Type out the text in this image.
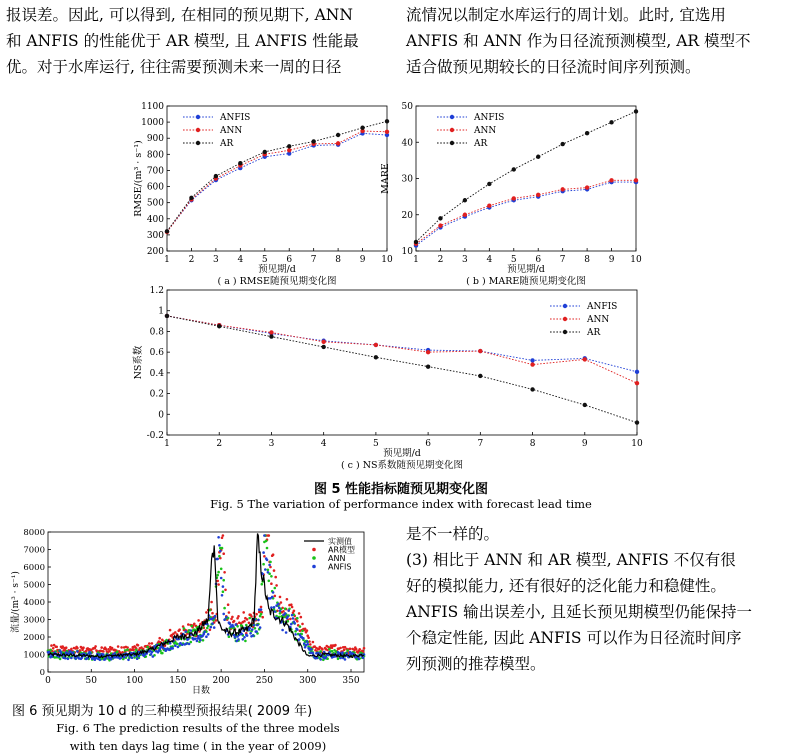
报误差。因此, 可以得到, 在相同的预见期下, ANN
和 ANFIS 的性能优于 AR 模型, 且 ANFIS 性能最
优。对于水库运行, 往往需要预测未来一周的日径
流情况以制定水库运行的周计划。此时, 宜选用
ANFIS 和 ANN 作为日径流预测模型, AR 模型不
适合做预见期较长的日径流时间序列预测。
1 2 3 4 5 6 7 8 9 10
200
300
400
500
600
700
800
900
1000
1100
预见期/d
RMSE/(m³ · s⁻¹)
( a ) RMSE随预见期变化图
ANFIS
ANN
AR
1 2 3 4 5 6 7 8 9 10
10
20
30
40
50
预见期/d
MARE
( b ) MARE随预见期变化图
ANFIS
ANN
AR
1	2	3	4	5	6	7	8	9	10
-0.2
0
0.2
0.4
0.6
0.8
1
1.2
预见期/d
NS系数
( c ) NS系数随预见期变化图
ANFIS
ANN
AR
图 5 性能指标随预见期变化图
Fig. 5 The variation of performance index with forecast lead time
0	50	100	150	200	250	300	350
0
1000
2000
3000
4000
5000
6000
7000
8000
日数
流量/(m³ · s⁻¹)
实测值
AR模型
ANN
ANFIS
图 6 预见期为 10 d 的三种模型预报结果( 2009 年)
Fig. 6 The prediction results of the three models
with ten days lag time ( in the year of 2009)
是不一样的。
(3) 相比于 ANN 和 AR 模型, ANFIS 不仅有很
好的模拟能力, 还有很好的泛化能力和稳健性。
ANFIS 输出误差小, 且延长预见期模型仍能保持一
个稳定性能, 因此 ANFIS 可以作为日径流时间序
列预测的推荐模型。
